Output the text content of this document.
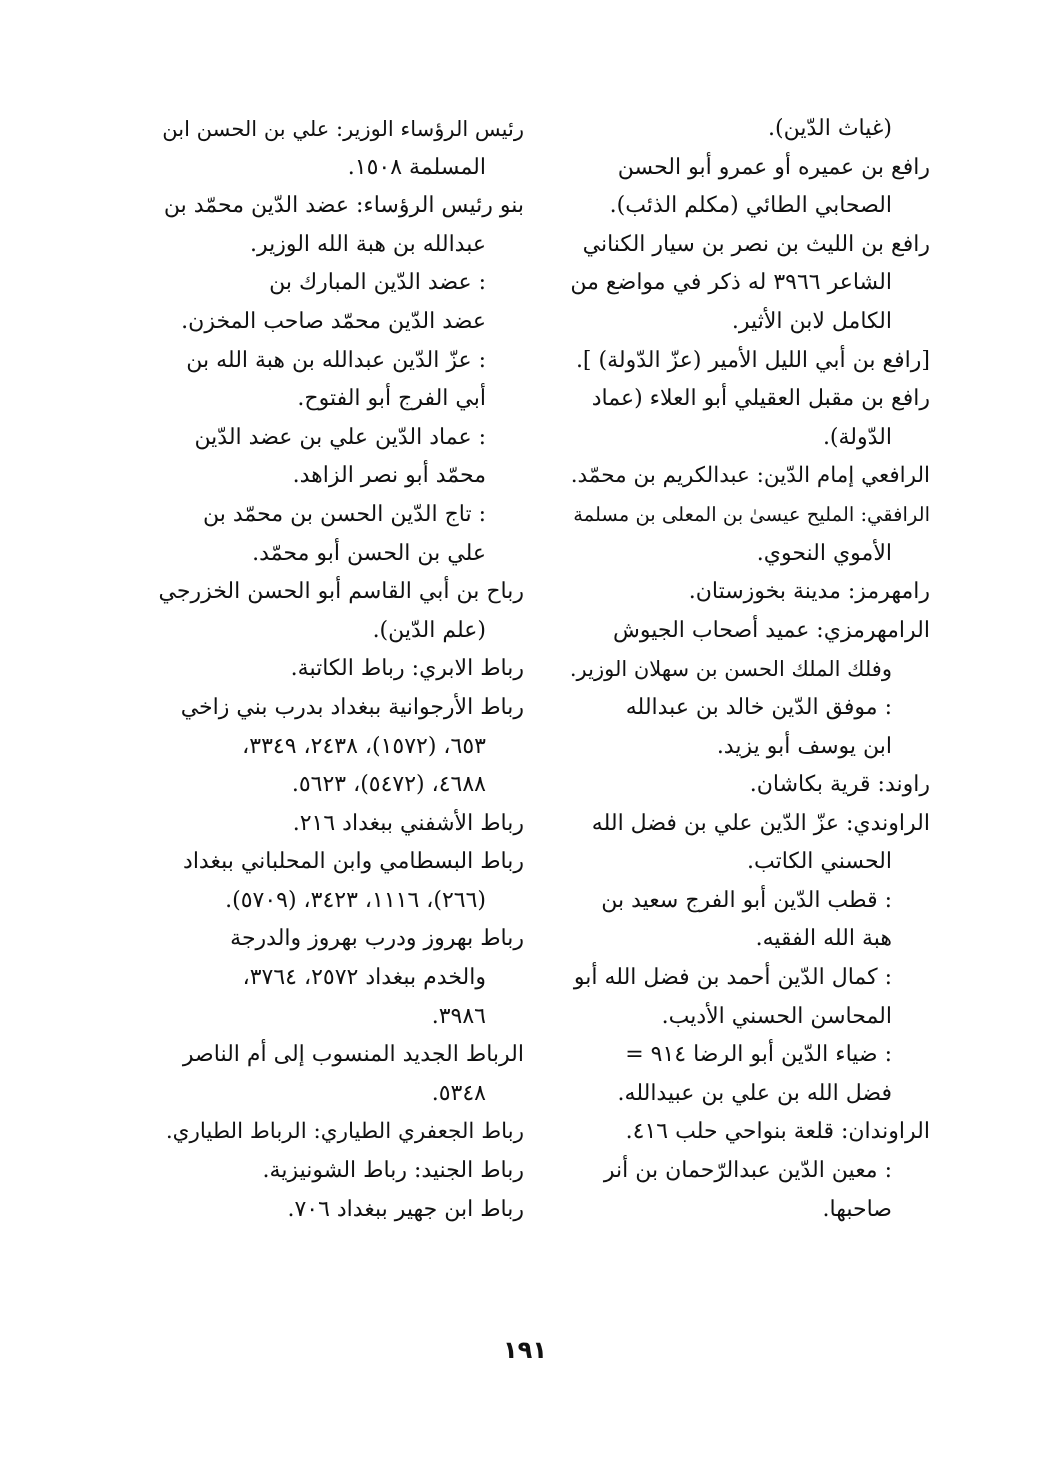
(غياث الدّين).
رافع بن عميره أو عمرو أبو الحسن
الصحابي الطائي (مكلم الذئب).
رافع بن الليث بن نصر بن سيار الكناني
الشاعر ٣٩٦٦ له ذكر في مواضع من
الكامل لابن الأثير.
[رافع بن أبي الليل الأمير (عزّ الدّولة) ].
رافع بن مقبل العقيلي أبو العلاء (عماد
الدّولة).
الرافعي إمام الدّين: عبدالكريم بن محمّد.
الرافقي: المليح عيسىٰ بن المعلى بن مسلمة
الأموي النحوي.
رامهرمز: مدينة بخوزستان.
الرامهرمزي: عميد أصحاب الجيوش
وفلك الملك الحسن بن سهلان الوزير.
: موفق الدّين خالد بن عبدالله
ابن يوسف أبو يزيد.
راوند: قرية بكاشان.
الراوندي: عزّ الدّين علي بن فضل الله
الحسني الكاتب.
: قطب الدّين أبو الفرج سعيد بن
هبة الله الفقيه.
: كمال الدّين أحمد بن فضل الله أبو
المحاسن الحسني الأديب.
: ضياء الدّين أبو الرضا ٩١٤ =
فضل الله بن علي بن عبيدالله.
الراوندان: قلعة بنواحي حلب ٤١٦.
: معين الدّين عبدالرّحمان بن أنر
صاحبها.
رئيس الرؤساء الوزير: علي بن الحسن ابن
المسلمة ١٥٠٨.
بنو رئيس الرؤساء: عضد الدّين محمّد بن
عبدالله بن هبة الله الوزير.
: عضد الدّين المبارك بن
عضد الدّين محمّد صاحب المخزن.
: عزّ الدّين عبدالله بن هبة الله بن
أبي الفرج أبو الفتوح.
: عماد الدّين علي بن عضد الدّين
محمّد أبو نصر الزاهد.
: تاج الدّين الحسن بن محمّد بن
علي بن الحسن أبو محمّد.
رباح بن أبي القاسم أبو الحسن الخزرجي
(علم الدّين).
رباط الابري: رباط الكاتبة.
رباط الأرجوانية ببغداد بدرب بني زاخي
٦٥٣، (١٥٧٢)، ٢٤٣٨، ٣٣٤٩،
٤٦٨٨، (٥٤٧٢)، ٥٦٢٣.
رباط الأشفني ببغداد ٢١٦.
رباط البسطامي وابن المحلباني ببغداد
(٢٦٦)، ١١١٦، ٣٤٢٣، (٥٧٠٩).
رباط بهروز ودرب بهروز والدرجة
والخدم ببغداد ٢٥٧٢، ٣٧٦٤،
٣٩٨٦.
الرباط الجديد المنسوب إلى أم الناصر
٥٣٤٨.
رباط الجعفري الطياري: الرباط الطياري.
رباط الجنيد: رباط الشونيزية.
رباط ابن جهير ببغداد ٧٠٦.
١٩١
